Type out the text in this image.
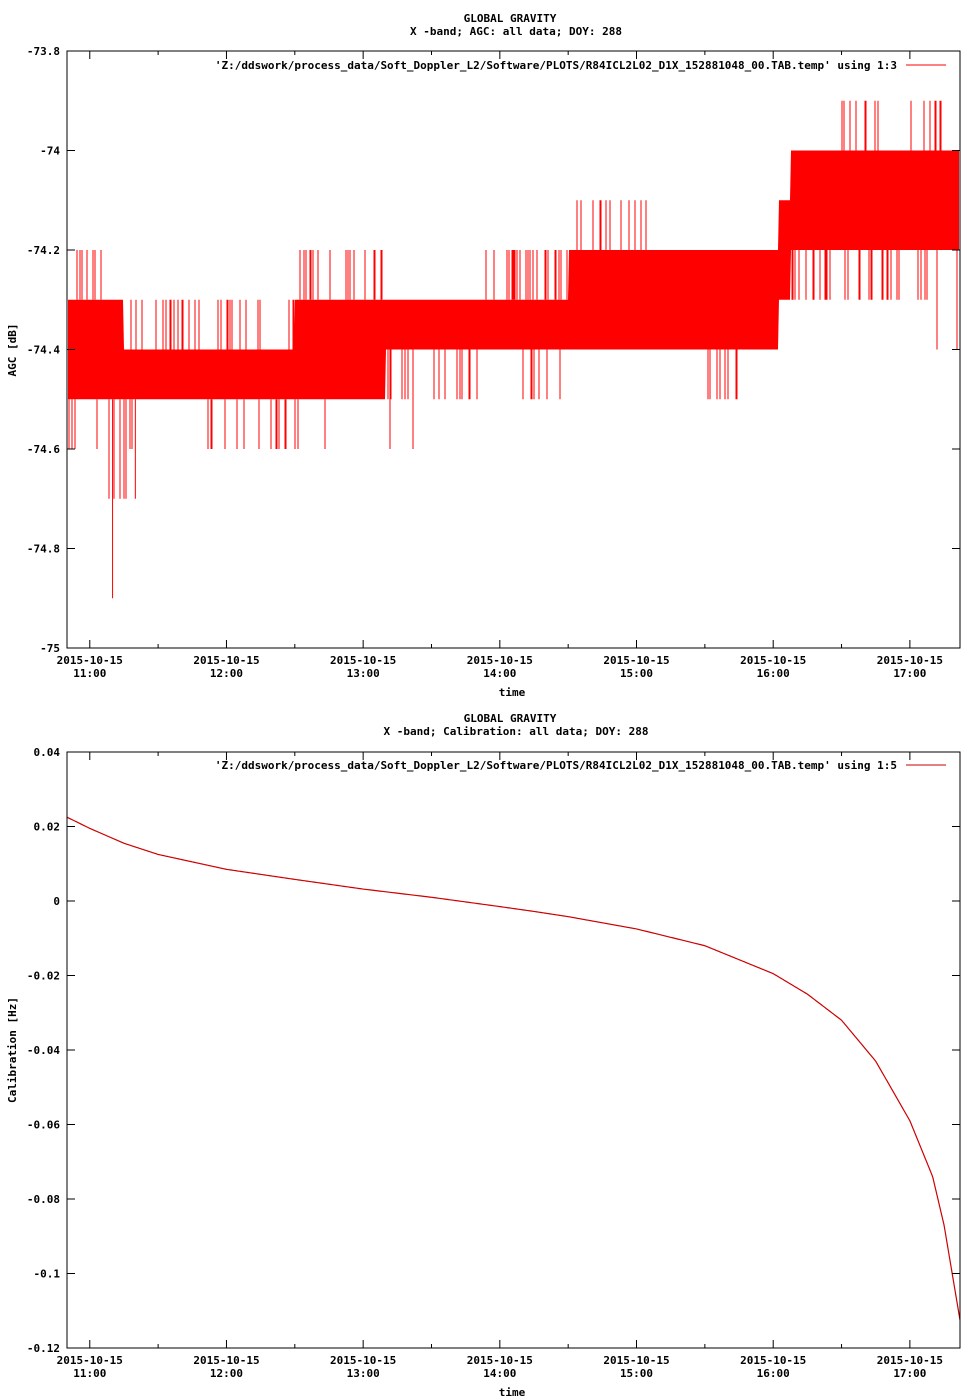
GLOBAL GRAVITY
X -band; AGC: all data; DOY: 288
-73.8
-74
-74.2
-74.4
-74.6
-74.8
-75
2015-10-15
11:00
2015-10-15
12:00
2015-10-15
13:00
2015-10-15
14:00
2015-10-15
15:00
2015-10-15
16:00
2015-10-15
17:00
AGC [dB]
time
'Z:/ddswork/process_data/Soft_Doppler_L2/Software/PLOTS/R84ICL2L02_D1X_152881048_00.TAB.temp' using 1:3
GLOBAL GRAVITY
X -band; Calibration: all data; DOY: 288
0.04
0.02
0
-0.02
-0.04
-0.06
-0.08
-0.1
-0.12
2015-10-15
11:00
2015-10-15
12:00
2015-10-15
13:00
2015-10-15
14:00
2015-10-15
15:00
2015-10-15
16:00
2015-10-15
17:00
Calibration [Hz]
time
'Z:/ddswork/process_data/Soft_Doppler_L2/Software/PLOTS/R84ICL2L02_D1X_152881048_00.TAB.temp' using 1:5
